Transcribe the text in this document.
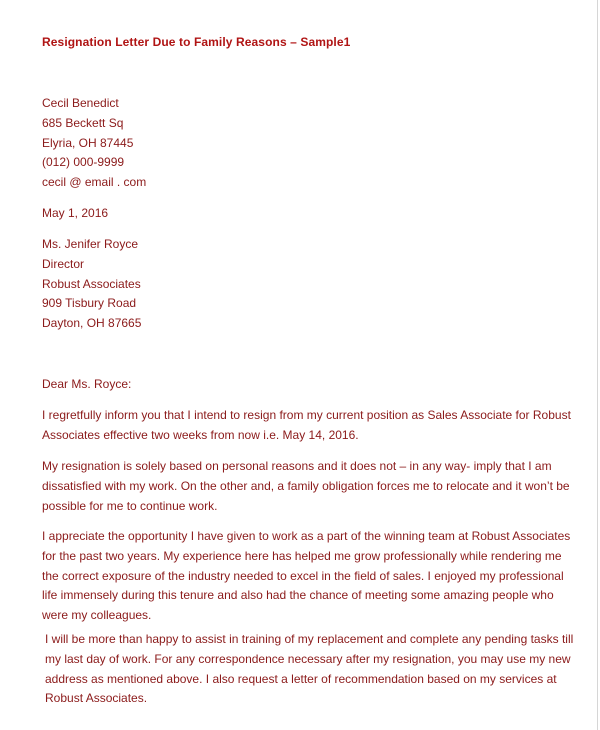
Resignation Letter Due to Family Reasons – Sample1
Cecil Benedict
685 Beckett Sq
Elyria, OH 87445
(012) 000-9999
cecil @ email . com
May 1, 2016
Ms. Jenifer Royce
Director
Robust Associates
909 Tisbury Road
Dayton, OH 87665
Dear Ms. Royce:
I regretfully inform you that I intend to resign from my current position as Sales Associate for Robust
Associates effective two weeks from now i.e. May 14, 2016.
My resignation is solely based on personal reasons and it does not – in any way- imply that I am
dissatisfied with my work. On the other and, a family obligation forces me to relocate and it won’t be
possible for me to continue work.
I appreciate the opportunity I have given to work as a part of the winning team at Robust Associates
for the past two years. My experience here has helped me grow professionally while rendering me
the correct exposure of the industry needed to excel in the field of sales. I enjoyed my professional
life immensely during this tenure and also had the chance of meeting some amazing people who
were my colleagues.
I will be more than happy to assist in training of my replacement and complete any pending tasks till
my last day of work. For any correspondence necessary after my resignation, you may use my new
address as mentioned above. I also request a letter of recommendation based on my services at
Robust Associates.
